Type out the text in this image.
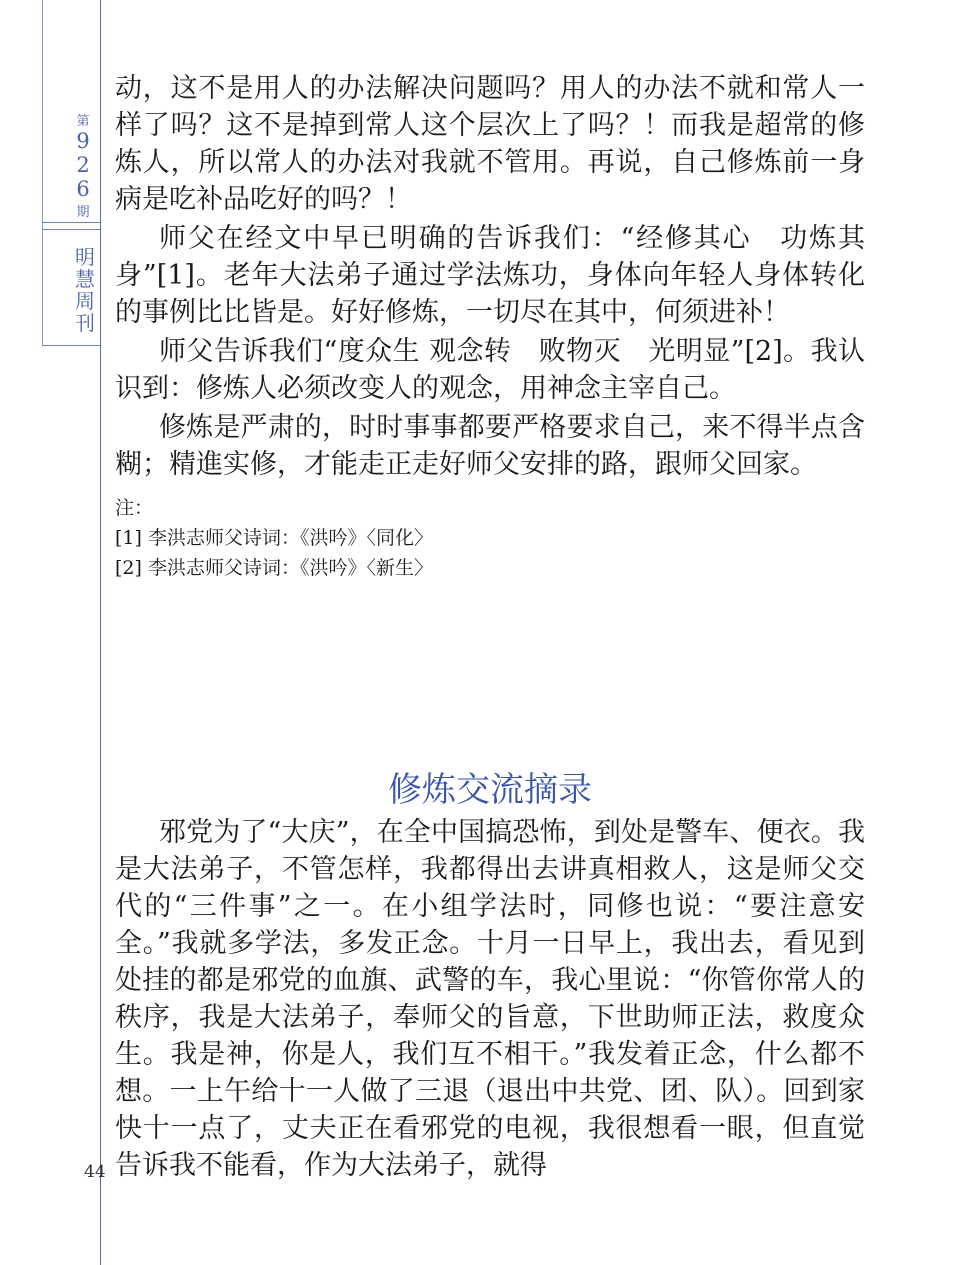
第
9
2
6
期
明
慧
周
刊
44

动，这不是用人的办法解决问题吗？用人的办法不就和常人一样了吗？这不是掉到常人这个层次上了吗？！而我是超常的修炼人，所以常人的办法对我就不管用。再说，自己修炼前一身病是吃补品吃好的吗？！

师父在经文中早已明确的告诉我们：“经修其心　功炼其身”[1]。老年大法弟子通过学法炼功，身体向年轻人身体转化的事例比比皆是。好好修炼，一切尽在其中，何须进补！

师父告诉我们“度众生 观念转　败物灭　光明显”[2]。我认识到：修炼人必须改变人的观念，用神念主宰自己。

修炼是严肃的，时时事事都要严格要求自己，来不得半点含糊；精進实修，才能走正走好师父安排的路，跟师父回家。

注：
[1] 李洪志师父诗词：《洪吟》〈同化〉
[2] 李洪志师父诗词：《洪吟》〈新生〉
修炼交流摘录

邪党为了“大庆”，在全中国搞恐怖，到处是警车、便衣。我是大法弟子，不管怎样，我都得出去讲真相救人，这是师父交代的“三件事”之一。在小组学法时，同修也说：“要注意安全。”我就多学法，多发正念。十月一日早上，我出去，看见到处挂的都是邪党的血旗、武警的车，我心里说：“你管你常人的秩序，我是大法弟子，奉师父的旨意，下世助师正法，救度众生。我是神，你是人，我们互不相干。”我发着正念，什么都不想。一上午给十一人做了三退（退出中共党、团、队）。回到家快十一点了，丈夫正在看邪党的电视，我很想看一眼，但直觉告诉我不能看，作为大法弟子，就得
